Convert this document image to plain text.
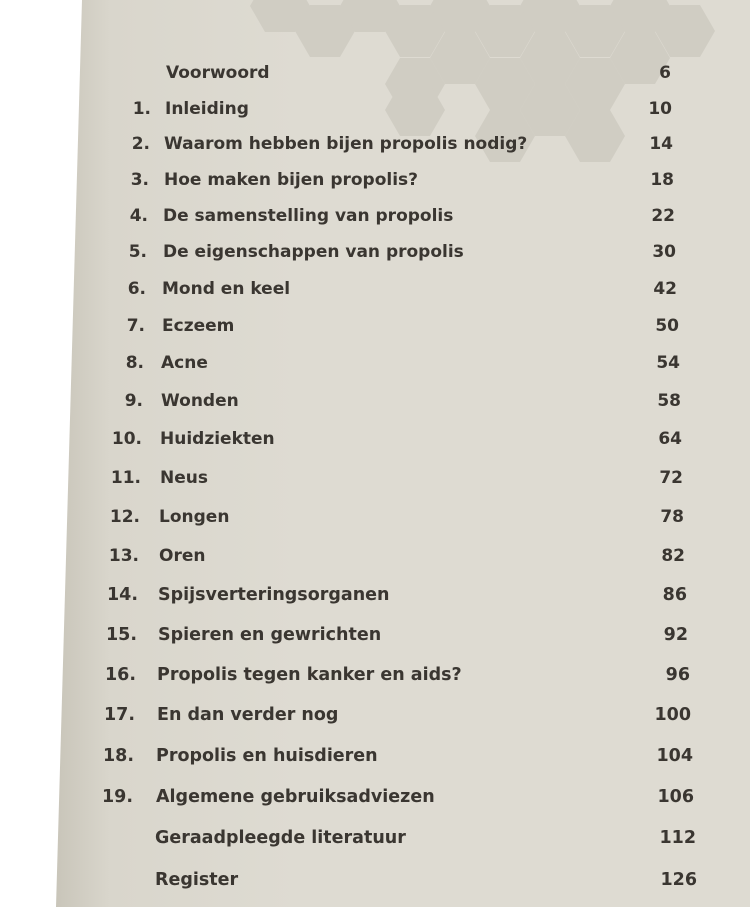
Voorwoord	6
1. Inleiding	10
2. Waarom hebben bijen propolis nodig?	14
3. Hoe maken bijen propolis?	18
4. De samenstelling van propolis	22
5. De eigenschappen van propolis	30
6. Mond en keel	42
7. Eczeem	50
8. Acne	54
9. Wonden	58
10. Huidziekten	64
11. Neus	72
12. Longen	78
13. Oren	82
14. Spijsverteringsorganen	86
15. Spieren en gewrichten	92
16. Propolis tegen kanker en aids?	96
17. En dan verder nog	100
18. Propolis en huisdieren	104
19. Algemene gebruiksadviezen	106
Geraadpleegde literatuur	112
Register	126
